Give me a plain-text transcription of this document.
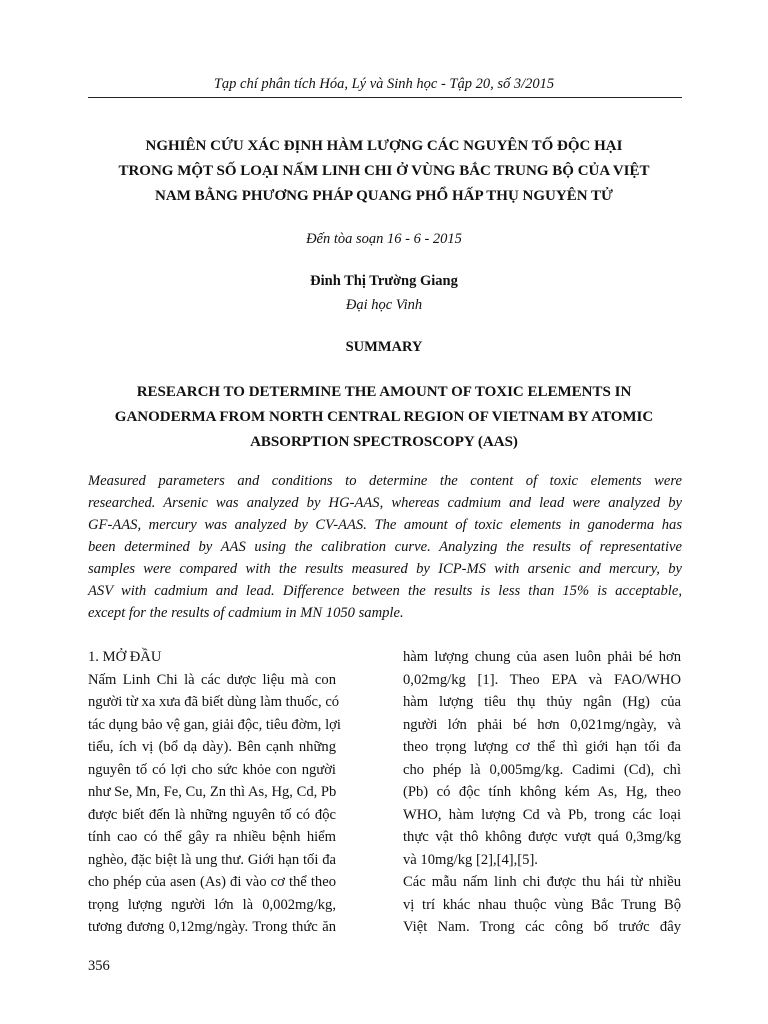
Tạp chí phân tích Hóa, Lý và Sinh học - Tập 20, số 3/2015
NGHIÊN CỨU XÁC ĐỊNH HÀM LƯỢNG CÁC NGUYÊN TỐ ĐỘC HẠI
TRONG MỘT SỐ LOẠI NẤM LINH CHI Ở VÙNG BẮC TRUNG BỘ CỦA VIỆT
NAM BẰNG PHƯƠNG PHÁP QUANG PHỔ HẤP THỤ NGUYÊN TỬ
Đến tòa soạn 16 - 6 - 2015
Đinh Thị Trường Giang
Đại học Vinh
SUMMARY
RESEARCH TO DETERMINE THE AMOUNT OF TOXIC ELEMENTS IN
GANODERMA FROM NORTH CENTRAL REGION OF VIETNAM BY ATOMIC
ABSORPTION SPECTROSCOPY (AAS)
Measured parameters and conditions to determine the content of toxic elements were
researched. Arsenic was analyzed by HG-AAS, whereas cadmium and lead were analyzed by
GF-AAS, mercury was analyzed by CV-AAS. The amount of toxic elements in ganoderma has
been determined by AAS using the calibration curve. Analyzing the results of representative
samples were compared with the results measured by ICP-MS with arsenic and mercury, by
ASV with cadmium and lead. Difference between the results is less than 15% is acceptable,
except for the results of cadmium in MN 1050 sample.
1. MỞ ĐẦU
Nấm Linh Chi là các dược liệu mà con
người từ xa xưa đã biết dùng làm thuốc, có
tác dụng bảo vệ gan, giải độc, tiêu đờm, lợi
tiểu, ích vị (bổ dạ dày). Bên cạnh những
nguyên tố có lợi cho sức khỏe con người
như Se, Mn, Fe, Cu, Zn thì As, Hg, Cd, Pb
được biết đến là những nguyên tố có độc
tính cao có thể gây ra nhiều bệnh hiểm
nghèo, đặc biệt là ung thư. Giới hạn tối đa
cho phép của asen (As) đi vào cơ thể theo
trọng lượng người lớn là 0,002mg/kg,
tương đương 0,12mg/ngày. Trong thức ăn
hàm lượng chung của asen luôn phải bé hơn
0,02mg/kg [1]. Theo EPA và FAO/WHO
hàm lượng tiêu thụ thủy ngân (Hg) của
người lớn phải bé hơn 0,021mg/ngày, và
theo trọng lượng cơ thể thì giới hạn tối đa
cho phép là 0,005mg/kg. Cadimi (Cd), chì
(Pb) có độc tính không kém As, Hg, theo
WHO, hàm lượng Cd và Pb, trong các loại
thực vật thô không được vượt quá 0,3mg/kg
và 10mg/kg [2],[4],[5].
Các mẫu nấm linh chi được thu hái từ nhiều
vị trí khác nhau thuộc vùng Bắc Trung Bộ
Việt Nam. Trong các công bố trước đây
356
